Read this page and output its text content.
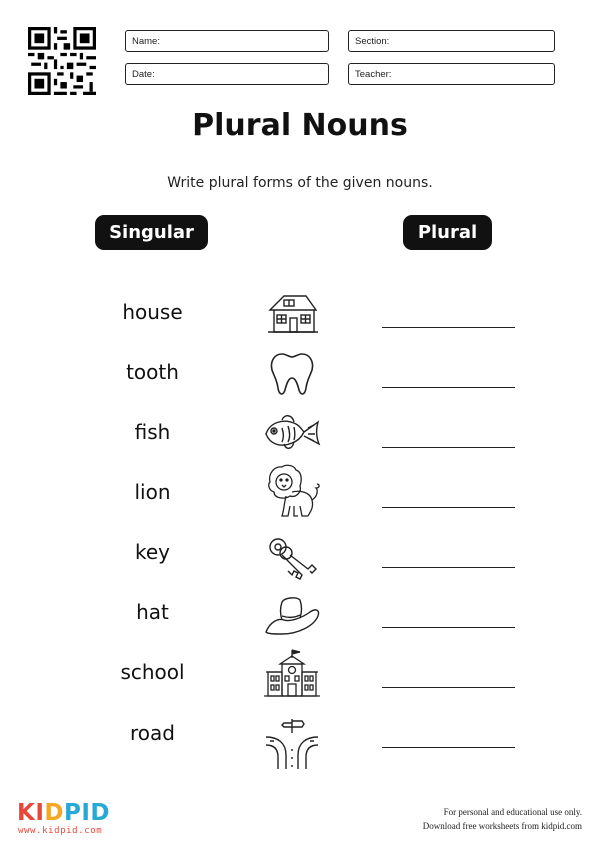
Name:	Section:
Date:	Teacher:
Plural Nouns
Write plural forms of the given nouns.
Singular	Plural
house
tooth
fish
lion
key
hat
school
road
KIDPID
www.kidpid.com
For personal and educational use only.
Download free worksheets from kidpid.com
